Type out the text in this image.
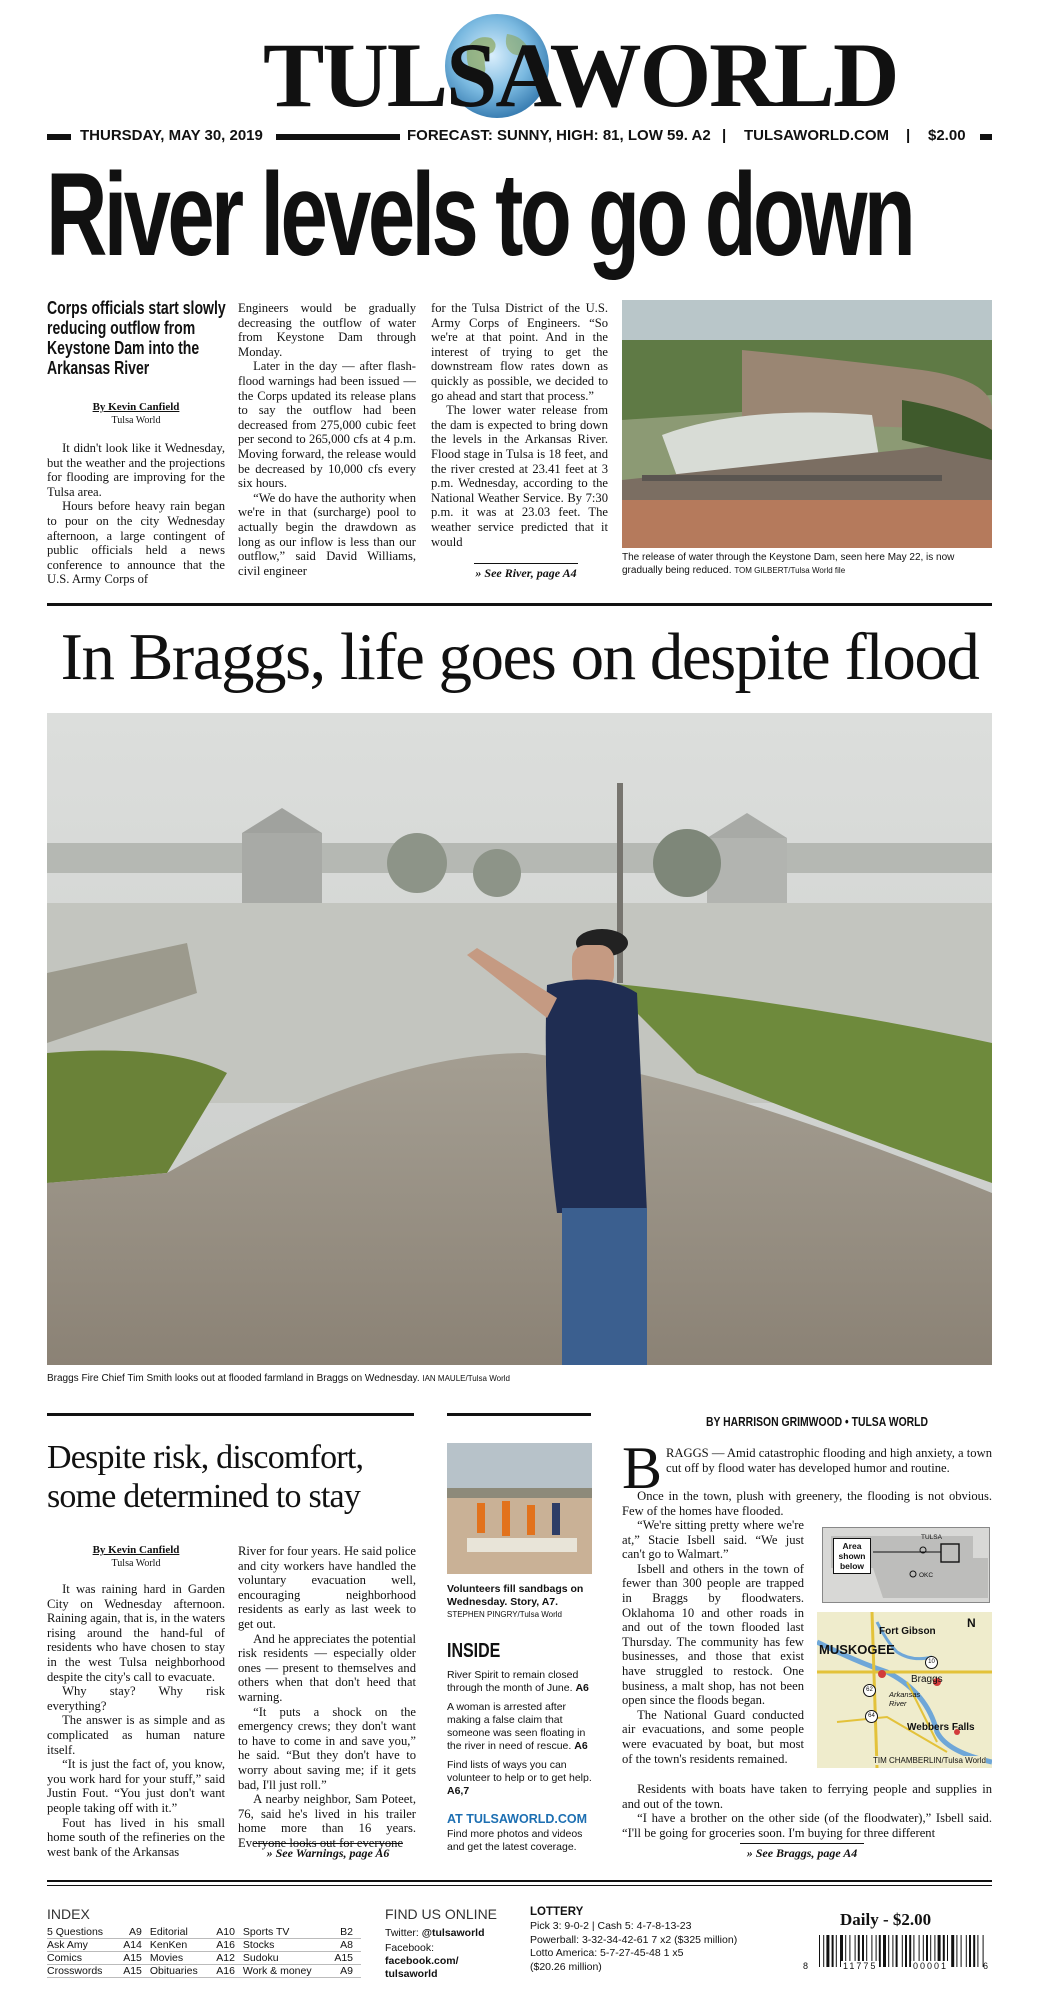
TULSAWORLD
THURSDAY, MAY 30, 2019	FORECAST: SUNNY, HIGH: 81, LOW 59. A2 | TULSAWORLD.COM | $2.00
River levels to go down
Corps officials start slowly reducing outflow from Keystone Dam into the Arkansas River
By Kevin Canfield
Tulsa World

It didn't look like it Wednesday, but the weather and the projections for flooding are improving for the Tulsa area.

Hours before heavy rain began to pour on the city Wednesday afternoon, a large contingent of public officials held a news conference to announce that the U.S. Army Corps of

Engineers would be gradually decreasing the outflow of water from Keystone Dam through Monday.

Later in the day — after flash-flood warnings had been issued — the Corps updated its release plans to say the outflow had been decreased from 275,000 cubic feet per second to 265,000 cfs at 4 p.m. Moving forward, the release would be decreased by 10,000 cfs every six hours.

“We do have the authority when we're in that (surcharge) pool to actually begin the drawdown as long as our inflow is less than our outflow,” said David Williams, civil engineer

for the Tulsa District of the U.S. Army Corps of Engineers. “So we're at that point. And in the interest of trying to get the downstream flow rates down as quickly as possible, we decided to go ahead and start that process.”

The lower water release from the dam is expected to bring down the levels in the Arkansas River. Flood stage in Tulsa is 18 feet, and the river crested at 23.41 feet at 3 p.m. Wednesday, according to the National Weather Service. By 7:30 p.m. it was at 23.03 feet. The weather service predicted that it would

» See River, page A4
The release of water through the Keystone Dam, seen here May 22, is now gradually being reduced. TOM GILBERT/Tulsa World file
In Braggs, life goes on despite flood
Braggs Fire Chief Tim Smith looks out at flooded farmland in Braggs on Wednesday. IAN MAULE/Tulsa World
Despite risk, discomfort, some determined to stay
By Kevin Canfield
Tulsa World

It was raining hard in Garden City on Wednesday afternoon. Raining again, that is, in the waters rising around the hand-ful of residents who have chosen to stay in the west Tulsa neighborhood despite the city's call to evacuate.

Why stay? Why risk everything?

The answer is as simple and as complicated as human nature itself.

“It is just the fact of, you know, you work hard for your stuff,” said Justin Fout. “You just don't want people taking off with it.”

Fout has lived in his small home south of the refineries on the west bank of the Arkansas

River for four years. He said police and city workers have handled the voluntary evacuation well, encouraging neighborhood residents as early as last week to get out.

And he appreciates the potential risk residents — especially older ones — present to themselves and others when that don't heed that warning.

“It puts a shock on the emergency crews; they don't want to have to come in and save you,” he said. “But they don't have to worry about saving me; if it gets bad, I'll just roll.”

A nearby neighbor, Sam Poteet, 76, said he's lived in his trailer home more than 16 years. Everyone looks out for everyone

» See Warnings, page A6
Volunteers fill sandbags on Wednesday. Story, A7.
STEPHEN PINGRY/Tulsa World
INSIDE
River Spirit to remain closed through the month of June. A6
A woman is arrested after making a false claim that someone was seen floating in the river in need of rescue. A6
Find lists of ways you can volunteer to help or to get help. A6,7
AT TULSAWORLD.COM
Find more photos and videos and get the latest coverage.
BY HARRISON GRIMWOOD • TULSA WORLD
B RAGGS — Amid catastrophic flooding and high anxiety, a town cut off by flood water has developed humor and routine.

Once in the town, plush with greenery, the flooding is not obvious. Few of the homes have flooded.

“We're sitting pretty where we're at,” Stacie Isbell said. “We just can't go to Walmart.”

Isbell and others in the town of fewer than 300 people are trapped in Braggs by floodwaters. Oklahoma 10 and other roads in and out of the town flooded last Thursday. The community has few businesses, and those that exist have struggled to restock. One business, a malt shop, has not been open since the floods began.

The National Guard conducted air evacuations, and some people were evacuated by boat, but most of the town's residents remained.

Residents with boats have taken to ferrying people and supplies in and out of the town.

“I have a brother on the other side (of the floodwater),” Isbell said. “I'll be going for groceries soon. I'm buying for three different

» See Braggs, page A4
Area shown below
TULSA
OKC
Fort Gibson
MUSKOGEE
Braggs
Arkansas River
Webbers Falls
N
62
64
10
TIM CHAMBERLIN/Tulsa World
INDEX
5 Questions	A9	Editorial	A10	Sports TV	B2
Ask Amy	A14	KenKen	A16	Stocks	A8
Comics	A15	Movies	A12	Sudoku	A15
Crosswords	A15	Obituaries	A16	Work & money	A9
FIND US ONLINE
Twitter: @tulsaworld
Facebook: facebook.com/ tulsaworld
LOTTERY
Pick 3: 9-0-2 | Cash 5: 4-7-8-13-23
Powerball: 3-32-34-42-61 7 x2 ($325 million)
Lotto America: 5-7-27-45-48 1 x5
($20.26 million)
Daily - $2.00
8	11775	00001	6
